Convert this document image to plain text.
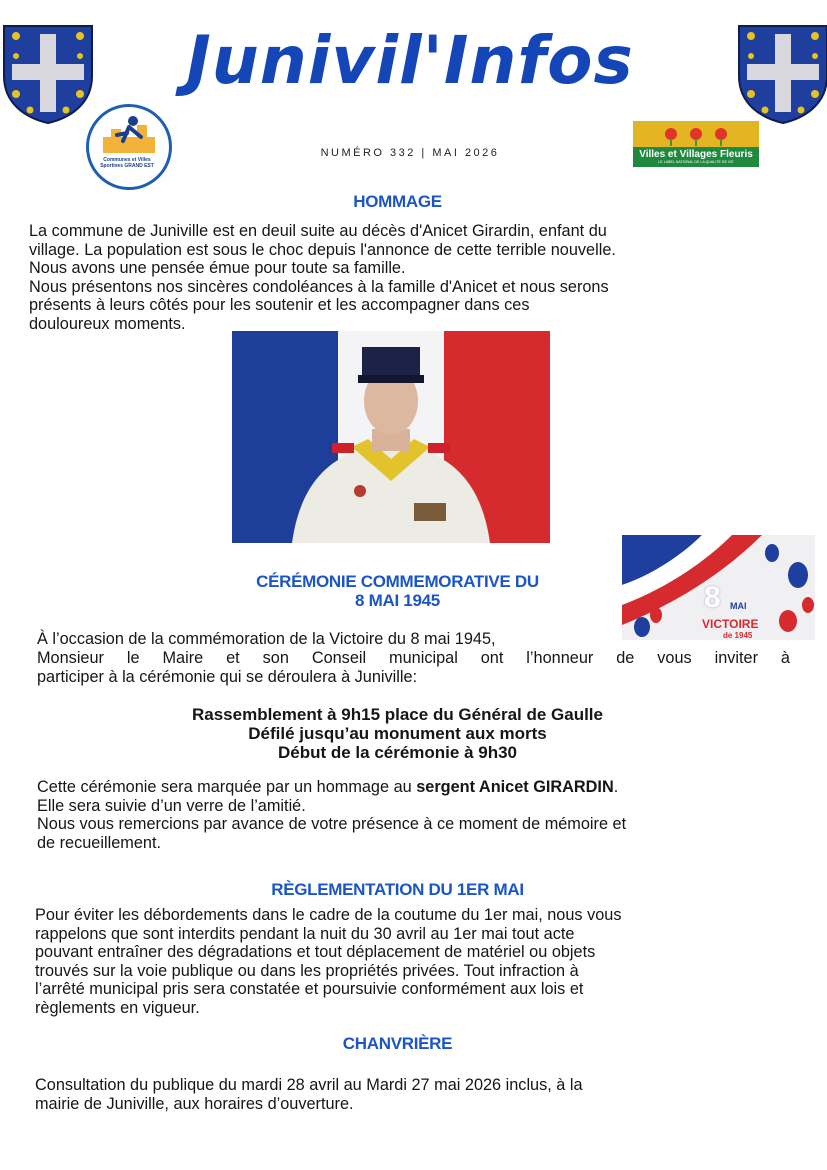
Junivil'Infos
NUMÉRO 332 | MAI 2026
Communes et Villes Sportives GRAND EST
Villes et Villages Fleuris
LE LABEL NATIONAL DE LA QUALITÉ DE VIE
HOMMAGE
La commune de Juniville est en deuil suite au décès d'Anicet Girardin, enfant du
village. La population est sous le choc depuis l'annonce de cette terrible nouvelle.
Nous avons une pensée émue pour toute sa famille.
Nous présentons nos sincères condoléances à la famille d'Anicet et nous serons
présents à leurs côtés pour les soutenir et les accompagner dans ces
douloureux moments.
8 MAI
VICTOIRE
de 1945
CÉRÉMONIE COMMEMORATIVE DU
8 MAI 1945
À l’occasion de la commémoration de la Victoire du 8 mai 1945,
Monsieur le Maire et son Conseil municipal ont l’honneur de vous inviter à
participer à la cérémonie qui se déroulera à Juniville:
Rassemblement à 9h15 place du Général de Gaulle
Défilé jusqu’au monument aux morts
Début de la cérémonie à 9h30
Cette cérémonie sera marquée par un hommage au sergent Anicet GIRARDIN.
Elle sera suivie d’un verre de l’amitié.
Nous vous remercions par avance de votre présence à ce moment de mémoire et
de recueillement.
RÈGLEMENTATION DU 1ER MAI
Pour éviter les débordements dans le cadre de la coutume du 1er mai, nous vous
rappelons que sont interdits pendant la nuit du 30 avril au 1er mai tout acte
pouvant entraîner des dégradations et tout déplacement de matériel ou objets
trouvés sur la voie publique ou dans les propriétés privées. Tout infraction à
l’arrêté municipal pris sera constatée et poursuivie conformément aux lois et
règlements en vigueur.
CHANVRIÈRE
Consultation du publique du mardi 28 avril au Mardi 27 mai 2026 inclus, à la
mairie de Juniville, aux horaires d’ouverture.
